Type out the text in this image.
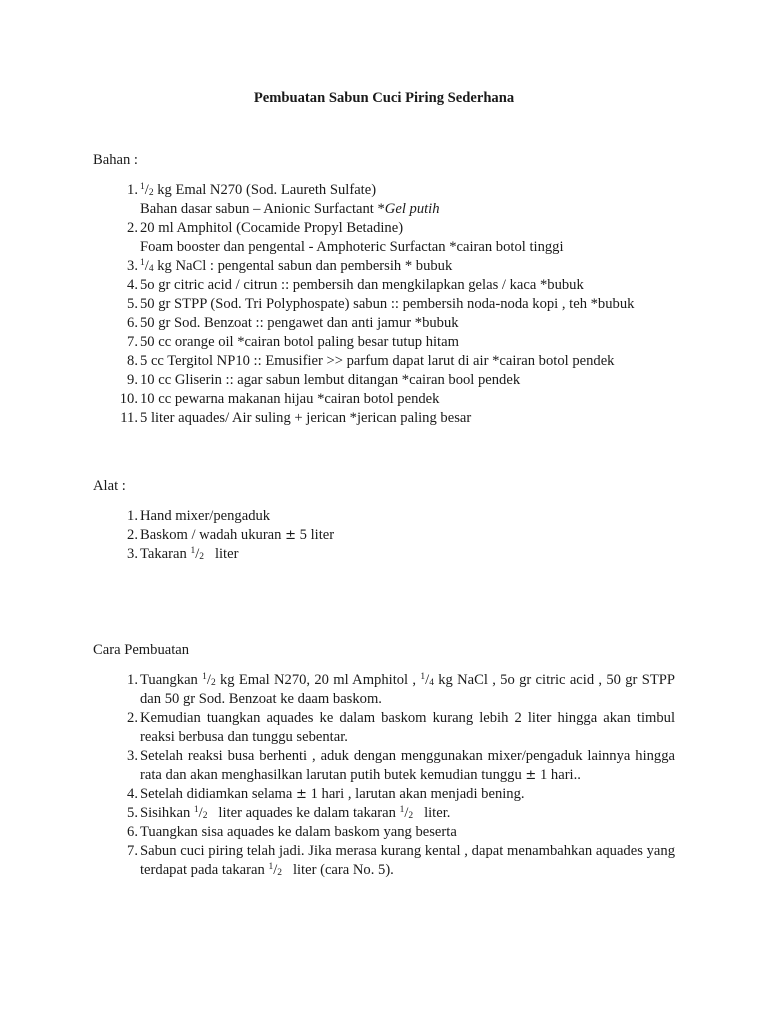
Pembuatan Sabun Cuci Piring Sederhana
Bahan :
1. $^1$/2 kg Emal N270 (Sod. Laureth Sulfate)
Bahan dasar sabun – Anionic Surfactant *Gel putih
2. 20 ml Amphitol (Cocamide Propyl Betadine)
Foam booster dan pengental - Amphoteric Surfactan *cairan botol tinggi
3. $^1$/4 kg NaCl : pengental sabun dan pembersih * bubuk
4. 5o gr citric acid / citrun :: pembersih dan mengkilapkan gelas / kaca *bubuk
5. 50 gr STPP (Sod. Tri Polyphospate) sabun :: pembersih noda-noda kopi , teh *bubuk
6. 50 gr Sod. Benzoat :: pengawet dan anti jamur *bubuk
7. 50 cc orange oil *cairan botol paling besar tutup hitam
8. 5 cc Tergitol NP10 :: Emusifier >> parfum dapat larut di air *cairan botol pendek
9. 10 cc Gliserin :: agar sabun lembut ditangan *cairan bool pendek
10. 10 cc pewarna makanan hijau *cairan botol pendek
11. 5 liter aquades/ Air suling + jerican *jerican paling besar
Alat :
1. Hand mixer/pengaduk
2. Baskom / wadah ukuran ± 5 liter
3. Takaran $^1$/2   liter
Cara Pembuatan
1. Tuangkan $^1$/2 kg Emal N270, 20 ml Amphitol , $^1$/4 kg NaCl , 5o gr citric acid , 50 gr STPP dan 50 gr Sod. Benzoat ke daam baskom.
2. Kemudian tuangkan aquades ke dalam baskom kurang lebih 2 liter hingga akan timbul reaksi berbusa dan tunggu sebentar.
3. Setelah reaksi busa berhenti , aduk dengan menggunakan mixer/pengaduk lainnya hingga rata dan akan menghasilkan larutan putih butek kemudian tunggu ± 1 hari..
4. Setelah didiamkan selama ± 1 hari , larutan akan menjadi bening.
5. Sisihkan $^1$/2   liter aquades ke dalam takaran $^1$/2   liter.
6. Tuangkan sisa aquades ke dalam baskom yang beserta
7. Sabun cuci piring telah jadi. Jika merasa kurang kental , dapat menambahkan aquades yang terdapat pada takaran $^1$/2   liter (cara No. 5).
